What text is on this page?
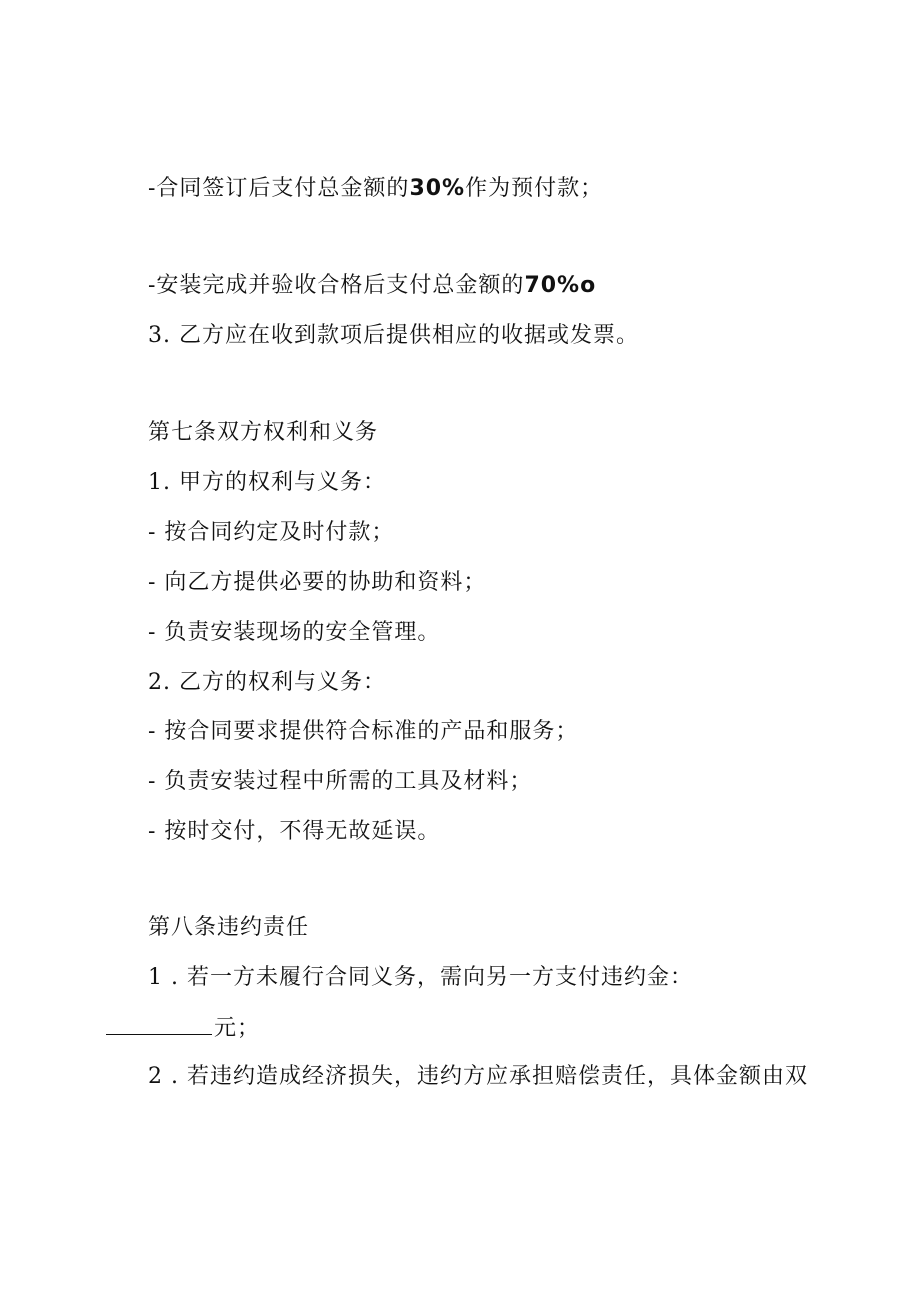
-合同签订后支付总金额的30%作为预付款；
-安装完成并验收合格后支付总金额的70%o
3. 乙方应在收到款项后提供相应的收据或发票。
第七条双方权利和义务
1. 甲方的权利与义务：
- 按合同约定及时付款；
- 向乙方提供必要的协助和资料；
- 负责安装现场的安全管理。
2. 乙方的权利与义务：
- 按合同要求提供符合标准的产品和服务；
- 负责安装过程中所需的工具及材料；
- 按时交付，不得无故延误。
第八条违约责任
1 . 若一方未履行合同义务，需向另一方支付违约金：
元；
2 . 若违约造成经济损失，违约方应承担赔偿责任，具体金额由双
